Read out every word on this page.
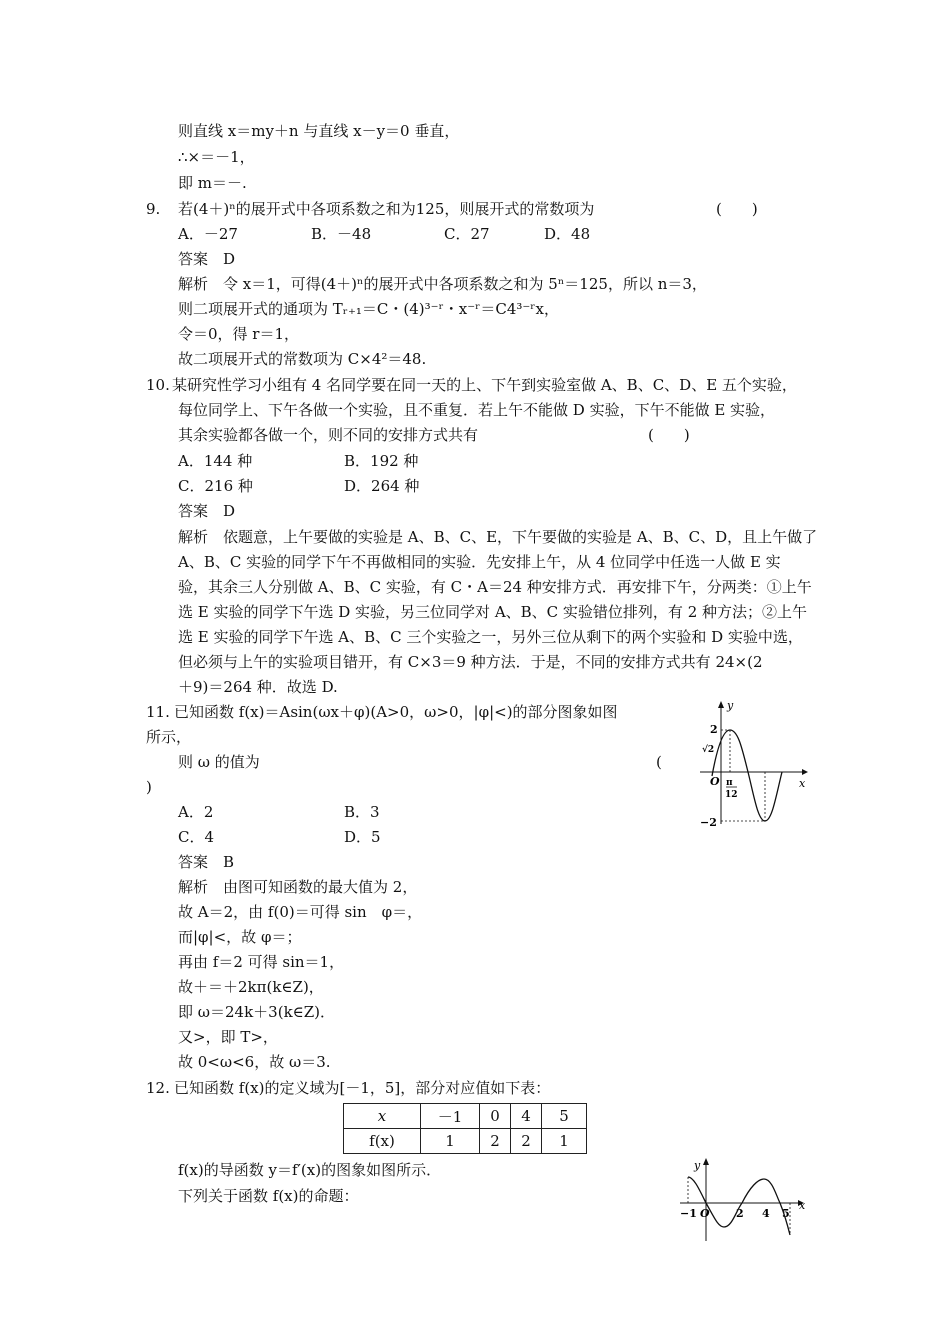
则直线 x＝my＋n 与直线 x－y＝0 垂直，
∴×＝－1，
即 m＝－.
9. 若(4＋)ⁿ的展开式中各项系数之和为125，则展开式的常数项为	(　　)
A．－27	B．－48	C．27	D．48
答案　D
解析　令 x＝1，可得(4＋)ⁿ的展开式中各项系数之和为 5ⁿ＝125，所以 n＝3，
则二项展开式的通项为 Tᵣ₊₁＝C・(4)³⁻ʳ・x⁻ʳ＝C4³⁻ʳx，
令＝0，得 r＝1，
故二项展开式的常数项为 C×4²＝48.
10. 某研究性学习小组有 4 名同学要在同一天的上、下午到实验室做 A、B、C、D、E 五个实验，
每位同学上、下午各做一个实验，且不重复．若上午不能做 D 实验，下午不能做 E 实验，
其余实验都各做一个，则不同的安排方式共有	(　　)
A．144 种	B．192 种
C．216 种	D．264 种
答案　D
解析　依题意，上午要做的实验是 A、B、C、E，下午要做的实验是 A、B、C、D，且上午做了
A、B、C 实验的同学下午不再做相同的实验．先安排上午，从 4 位同学中任选一人做 E 实
验，其余三人分别做 A、B、C 实验，有 C・A＝24 种安排方式．再安排下午，分两类：①上午
选 E 实验的同学下午选 D 实验，另三位同学对 A、B、C 实验错位排列，有 2 种方法；②上午
选 E 实验的同学下午选 A、B、C 三个实验之一，另外三位从剩下的两个实验和 D 实验中选，
但必须与上午的实验项目错开，有 C×3＝9 种方法．于是，不同的安排方式共有 24×(2
＋9)＝264 种．故选 D.
11. 已知函数 f(x)＝Asin(ωx＋φ)(A>0，ω>0，|φ|<)的部分图象如图
所示，
则 ω 的值为	(
)
A．2	B．3
C．4	D．5
答案　B
解析　由图可知函数的最大值为 2，
故 A＝2，由 f(0)＝可得 sin　φ＝，
而|φ|<，故 φ＝；
再由 f＝2 可得 sin＝1，
故＋＝＋2kπ(k∈Z)，
即 ω＝24k＋3(k∈Z)．
又>，即 T>，
故 0<ω<6，故 ω＝3.
y
x
O
2
−2
√2
π
12
12. 已知函数 f(x)的定义域为[－1，5]，部分对应值如下表：
x	－1	0	4	5
f(x)	1	2	2	1
f(x)的导函数 y＝f′(x)的图象如图所示．
下列关于函数 f(x)的命题：
y
x
−1 O 2 4 5
